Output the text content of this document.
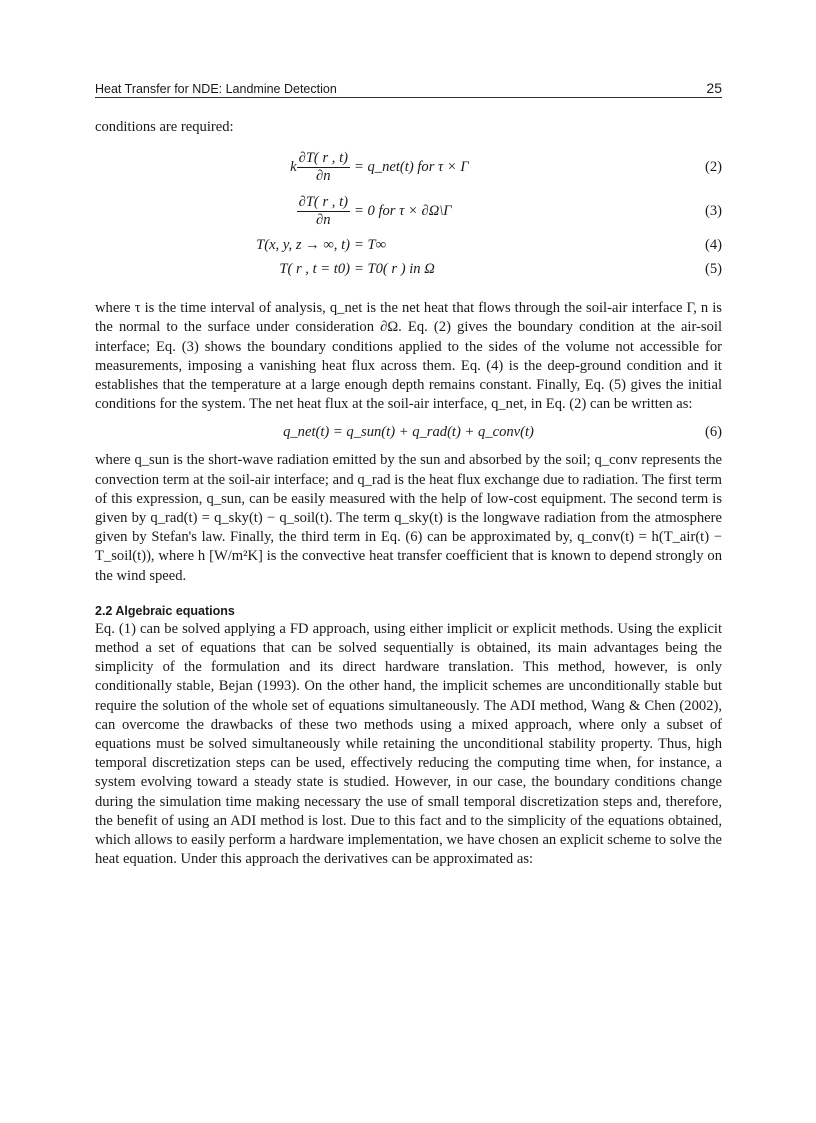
Heat Transfer for NDE: Landmine Detection	25

conditions are required:

k $\frac{\partial T( r , t)}{\partial n}$ = q_net(t) for τ × Γ	(2)
$\frac{\partial T( r , t)}{\partial n} = 0$ for τ × ∂Ω\Γ	(3)
T(x, y, z → ∞, t) = T∞	(4)
T( r , t = t0) = T0( r ) in Ω	(5)

where τ is the time interval of analysis, q_net is the net heat that flows through the soil-air interface Γ, n is the normal to the surface under consideration ∂Ω. Eq. (2) gives the boundary condition at the air-soil interface; Eq. (3) shows the boundary conditions applied to the sides of the volume not accessible for measurements, imposing a vanishing heat flux across them. Eq. (4) is the deep-ground condition and it establishes that the temperature at a large enough depth remains constant. Finally, Eq. (5) gives the initial conditions for the system. The net heat flux at the soil-air interface, q_net, in Eq. (2) can be written as:

q_net(t) = q_sun(t) + q_rad(t) + q_conv(t)	(6)

where q_sun is the short-wave radiation emitted by the sun and absorbed by the soil; q_conv represents the convection term at the soil-air interface; and q_rad is the heat flux exchange due to radiation. The first term of this expression, q_sun, can be easily measured with the help of low-cost equipment. The second term is given by q_rad(t) = q_sky(t) − q_soil(t). The term q_sky(t) is the longwave radiation from the atmosphere given by Stefan's law. Finally, the third term in Eq. (6) can be approximated by, q_conv(t) = h(T_air(t) − T_soil(t)), where h [W/m²K] is the convective heat transfer coefficient that is known to depend strongly on the wind speed.

2.2 Algebraic equations

Eq. (1) can be solved applying a FD approach, using either implicit or explicit methods. Using the explicit method a set of equations that can be solved sequentially is obtained, its main advantages being the simplicity of the formulation and its direct hardware translation. This method, however, is only conditionally stable, Bejan (1993). On the other hand, the implicit schemes are unconditionally stable but require the solution of the whole set of equations simultaneously. The ADI method, Wang & Chen (2002), can overcome the drawbacks of these two methods using a mixed approach, where only a subset of equations must be solved simultaneously while retaining the unconditional stability property. Thus, high temporal discretization steps can be used, effectively reducing the computing time when, for instance, a system evolving toward a steady state is studied. However, in our case, the boundary conditions change during the simulation time making necessary the use of small temporal discretization steps and, therefore, the benefit of using an ADI method is lost. Due to this fact and to the simplicity of the equations obtained, which allows to easily perform a hardware implementation, we have chosen an explicit scheme to solve the heat equation. Under this approach the derivatives can be approximated as:
